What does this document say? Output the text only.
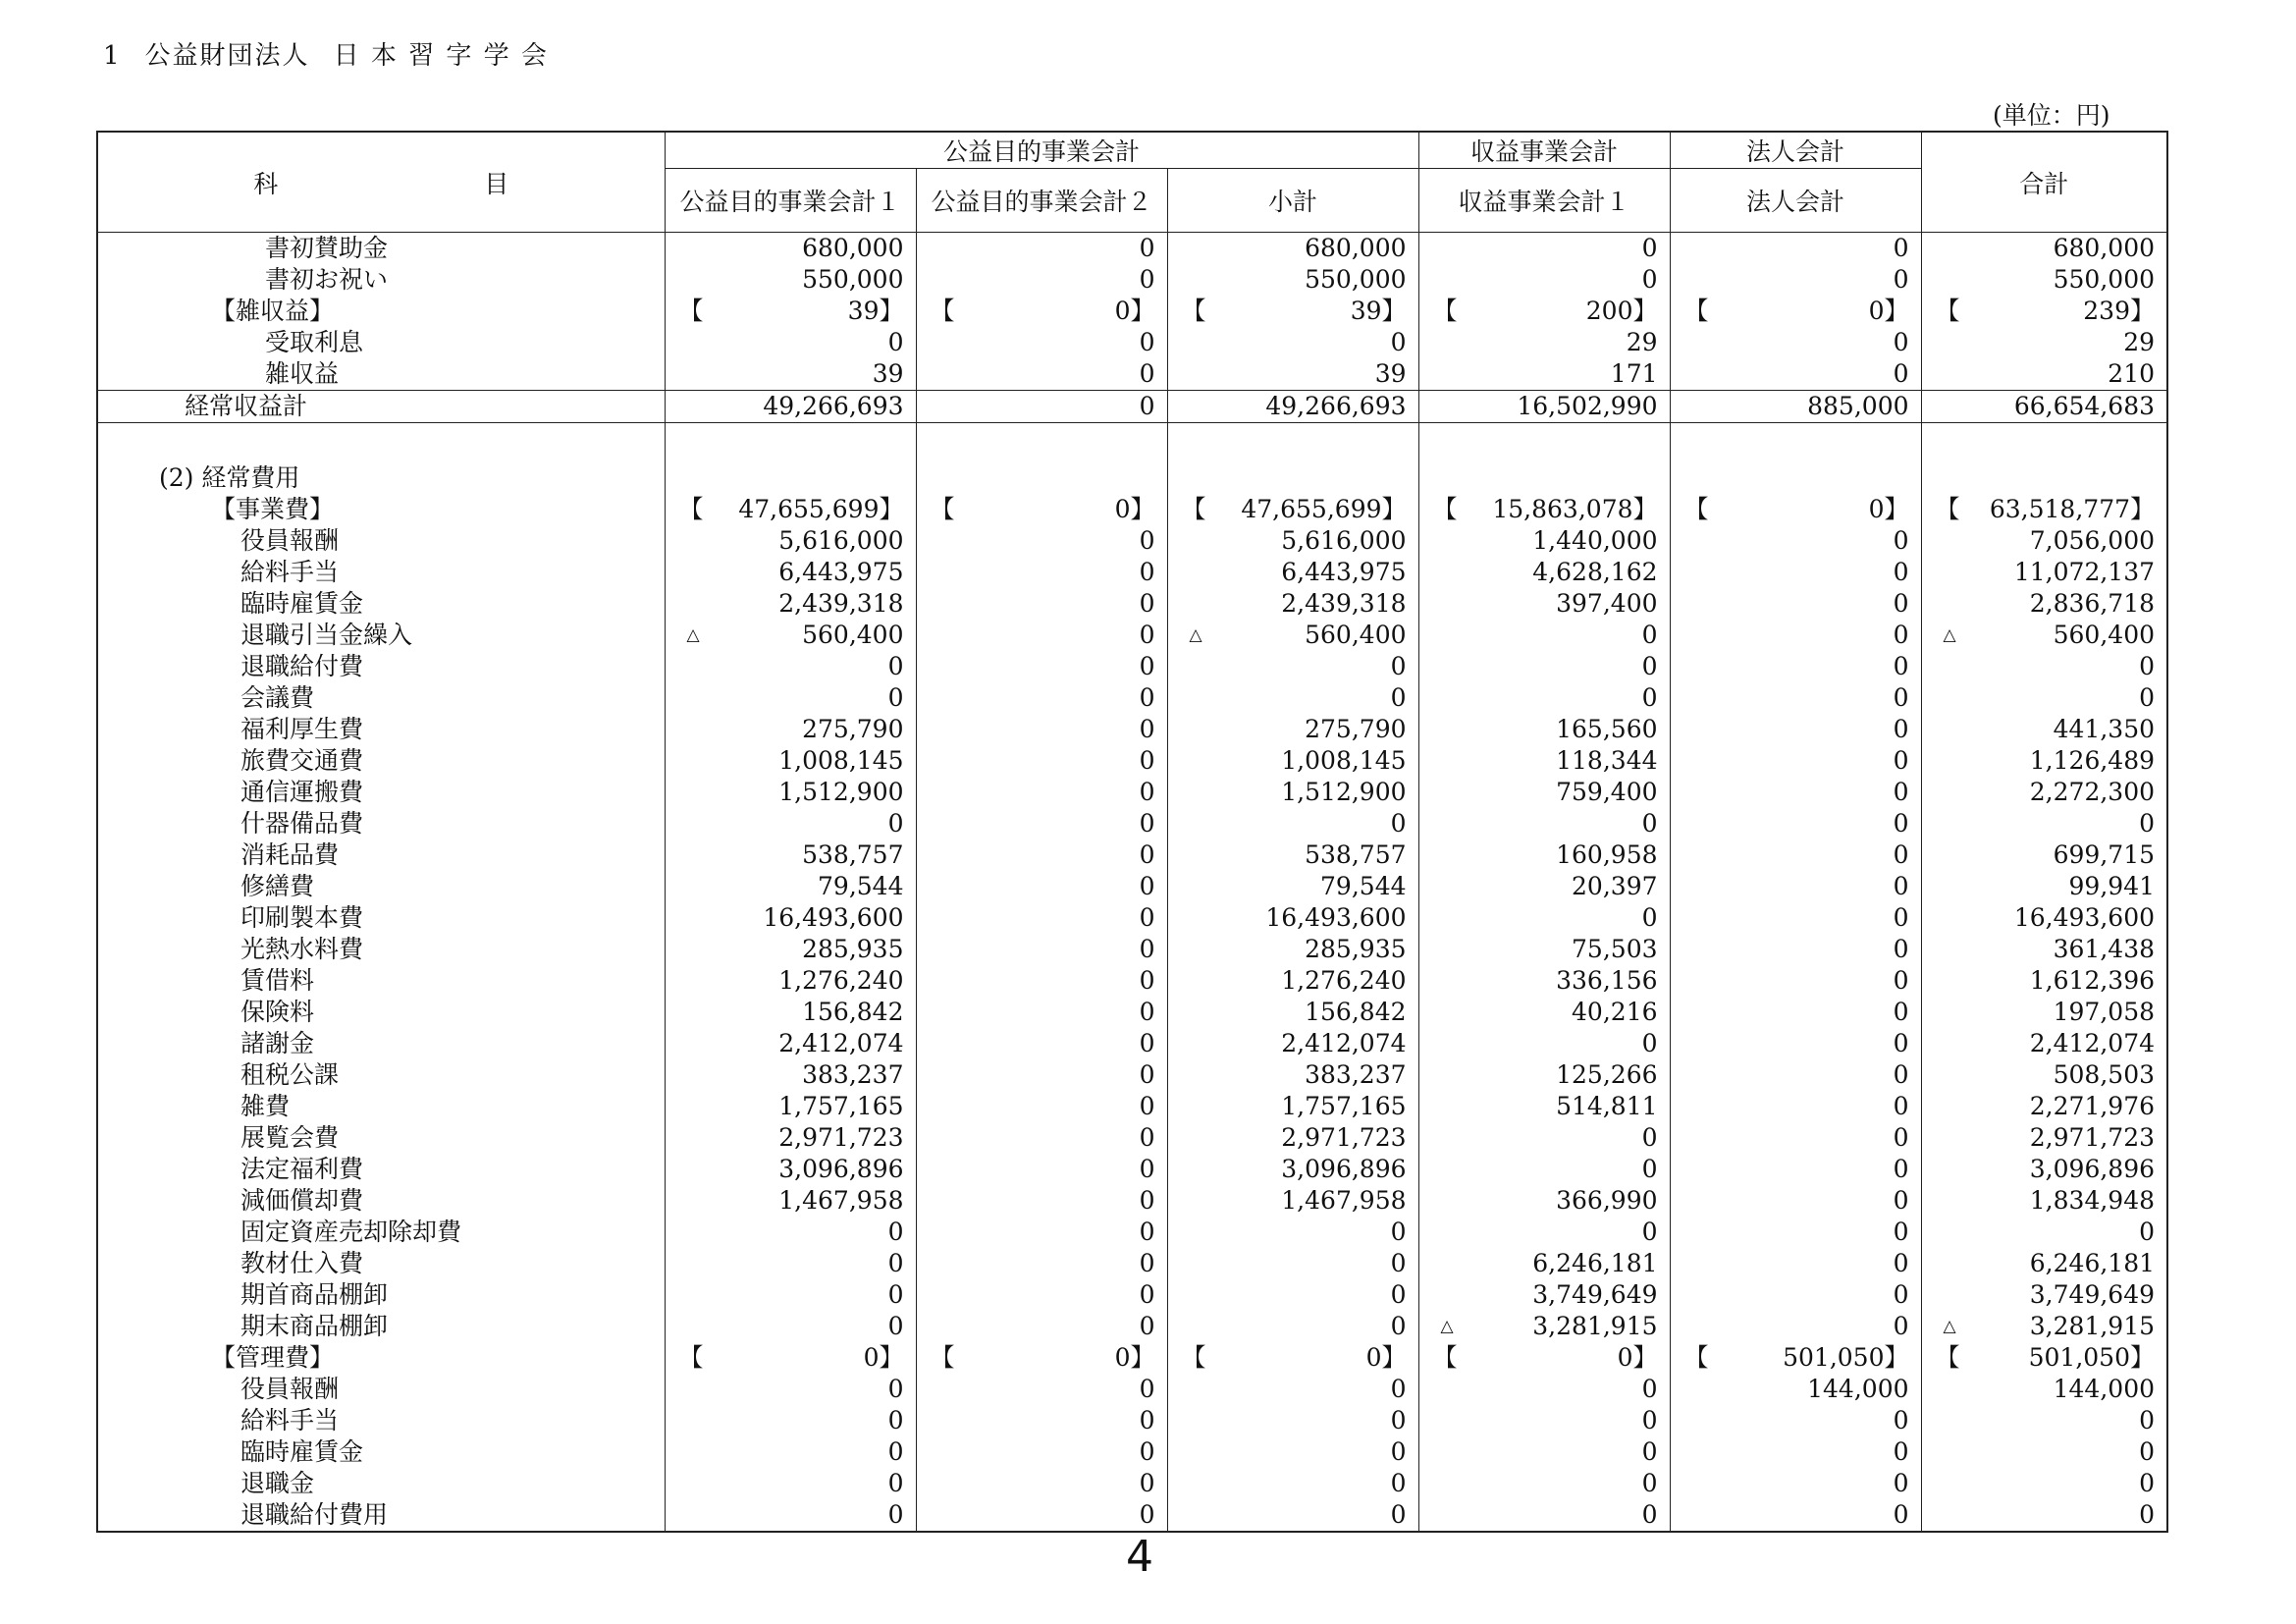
1 公益財団法人 日 本 習 字 学 会
(単位：円)
科 目	公益目的事業会計			収益事業会計	法人会計	合計
	公益目的事業会計１	公益目的事業会計２	小計	収益事業会計１	法人会計	
書初賛助金	680,000	0	680,000	0	0	680,000
書初お祝い	550,000	0	550,000	0	0	550,000
【雑収益】	【 39】	【 0】	【 39】	【 200】	【 0】	【 239】
受取利息	0	0	0	29	0	29
雑収益	39	0	39	171	0	210
経常収益計	49,266,693	0	49,266,693	16,502,990	885,000	66,654,683

(2) 経常費用						
【事業費】	【 47,655,699】	【 0】	【 47,655,699】	【 15,863,078】	【 0】	【 63,518,777】
役員報酬	5,616,000	0	5,616,000	1,440,000	0	7,056,000
給料手当	6,443,975	0	6,443,975	4,628,162	0	11,072,137
臨時雇賃金	2,439,318	0	2,439,318	397,400	0	2,836,718
退職引当金繰入	△ 560,400	0	△ 560,400	0	0	△ 560,400
退職給付費	0	0	0	0	0	0
会議費	0	0	0	0	0	0
福利厚生費	275,790	0	275,790	165,560	0	441,350
旅費交通費	1,008,145	0	1,008,145	118,344	0	1,126,489
通信運搬費	1,512,900	0	1,512,900	759,400	0	2,272,300
什器備品費	0	0	0	0	0	0
消耗品費	538,757	0	538,757	160,958	0	699,715
修繕費	79,544	0	79,544	20,397	0	99,941
印刷製本費	16,493,600	0	16,493,600	0	0	16,493,600
光熱水料費	285,935	0	285,935	75,503	0	361,438
賃借料	1,276,240	0	1,276,240	336,156	0	1,612,396
保険料	156,842	0	156,842	40,216	0	197,058
諸謝金	2,412,074	0	2,412,074	0	0	2,412,074
租税公課	383,237	0	383,237	125,266	0	508,503
雑費	1,757,165	0	1,757,165	514,811	0	2,271,976
展覧会費	2,971,723	0	2,971,723	0	0	2,971,723
法定福利費	3,096,896	0	3,096,896	0	0	3,096,896
減価償却費	1,467,958	0	1,467,958	366,990	0	1,834,948
固定資産売却除却費	0	0	0	0	0	0
教材仕入費	0	0	0	6,246,181	0	6,246,181
期首商品棚卸	0	0	0	3,749,649	0	3,749,649
期末商品棚卸	0	0	0	△ 3,281,915	0	△ 3,281,915
【管理費】	【 0】	【 0】	【 0】	【 0】	【 501,050】	【 501,050】
役員報酬	0	0	0	0	144,000	144,000
給料手当	0	0	0	0	0	0
臨時雇賃金	0	0	0	0	0	0
退職金	0	0	0	0	0	0
退職給付費用	0	0	0	0	0	0
4
